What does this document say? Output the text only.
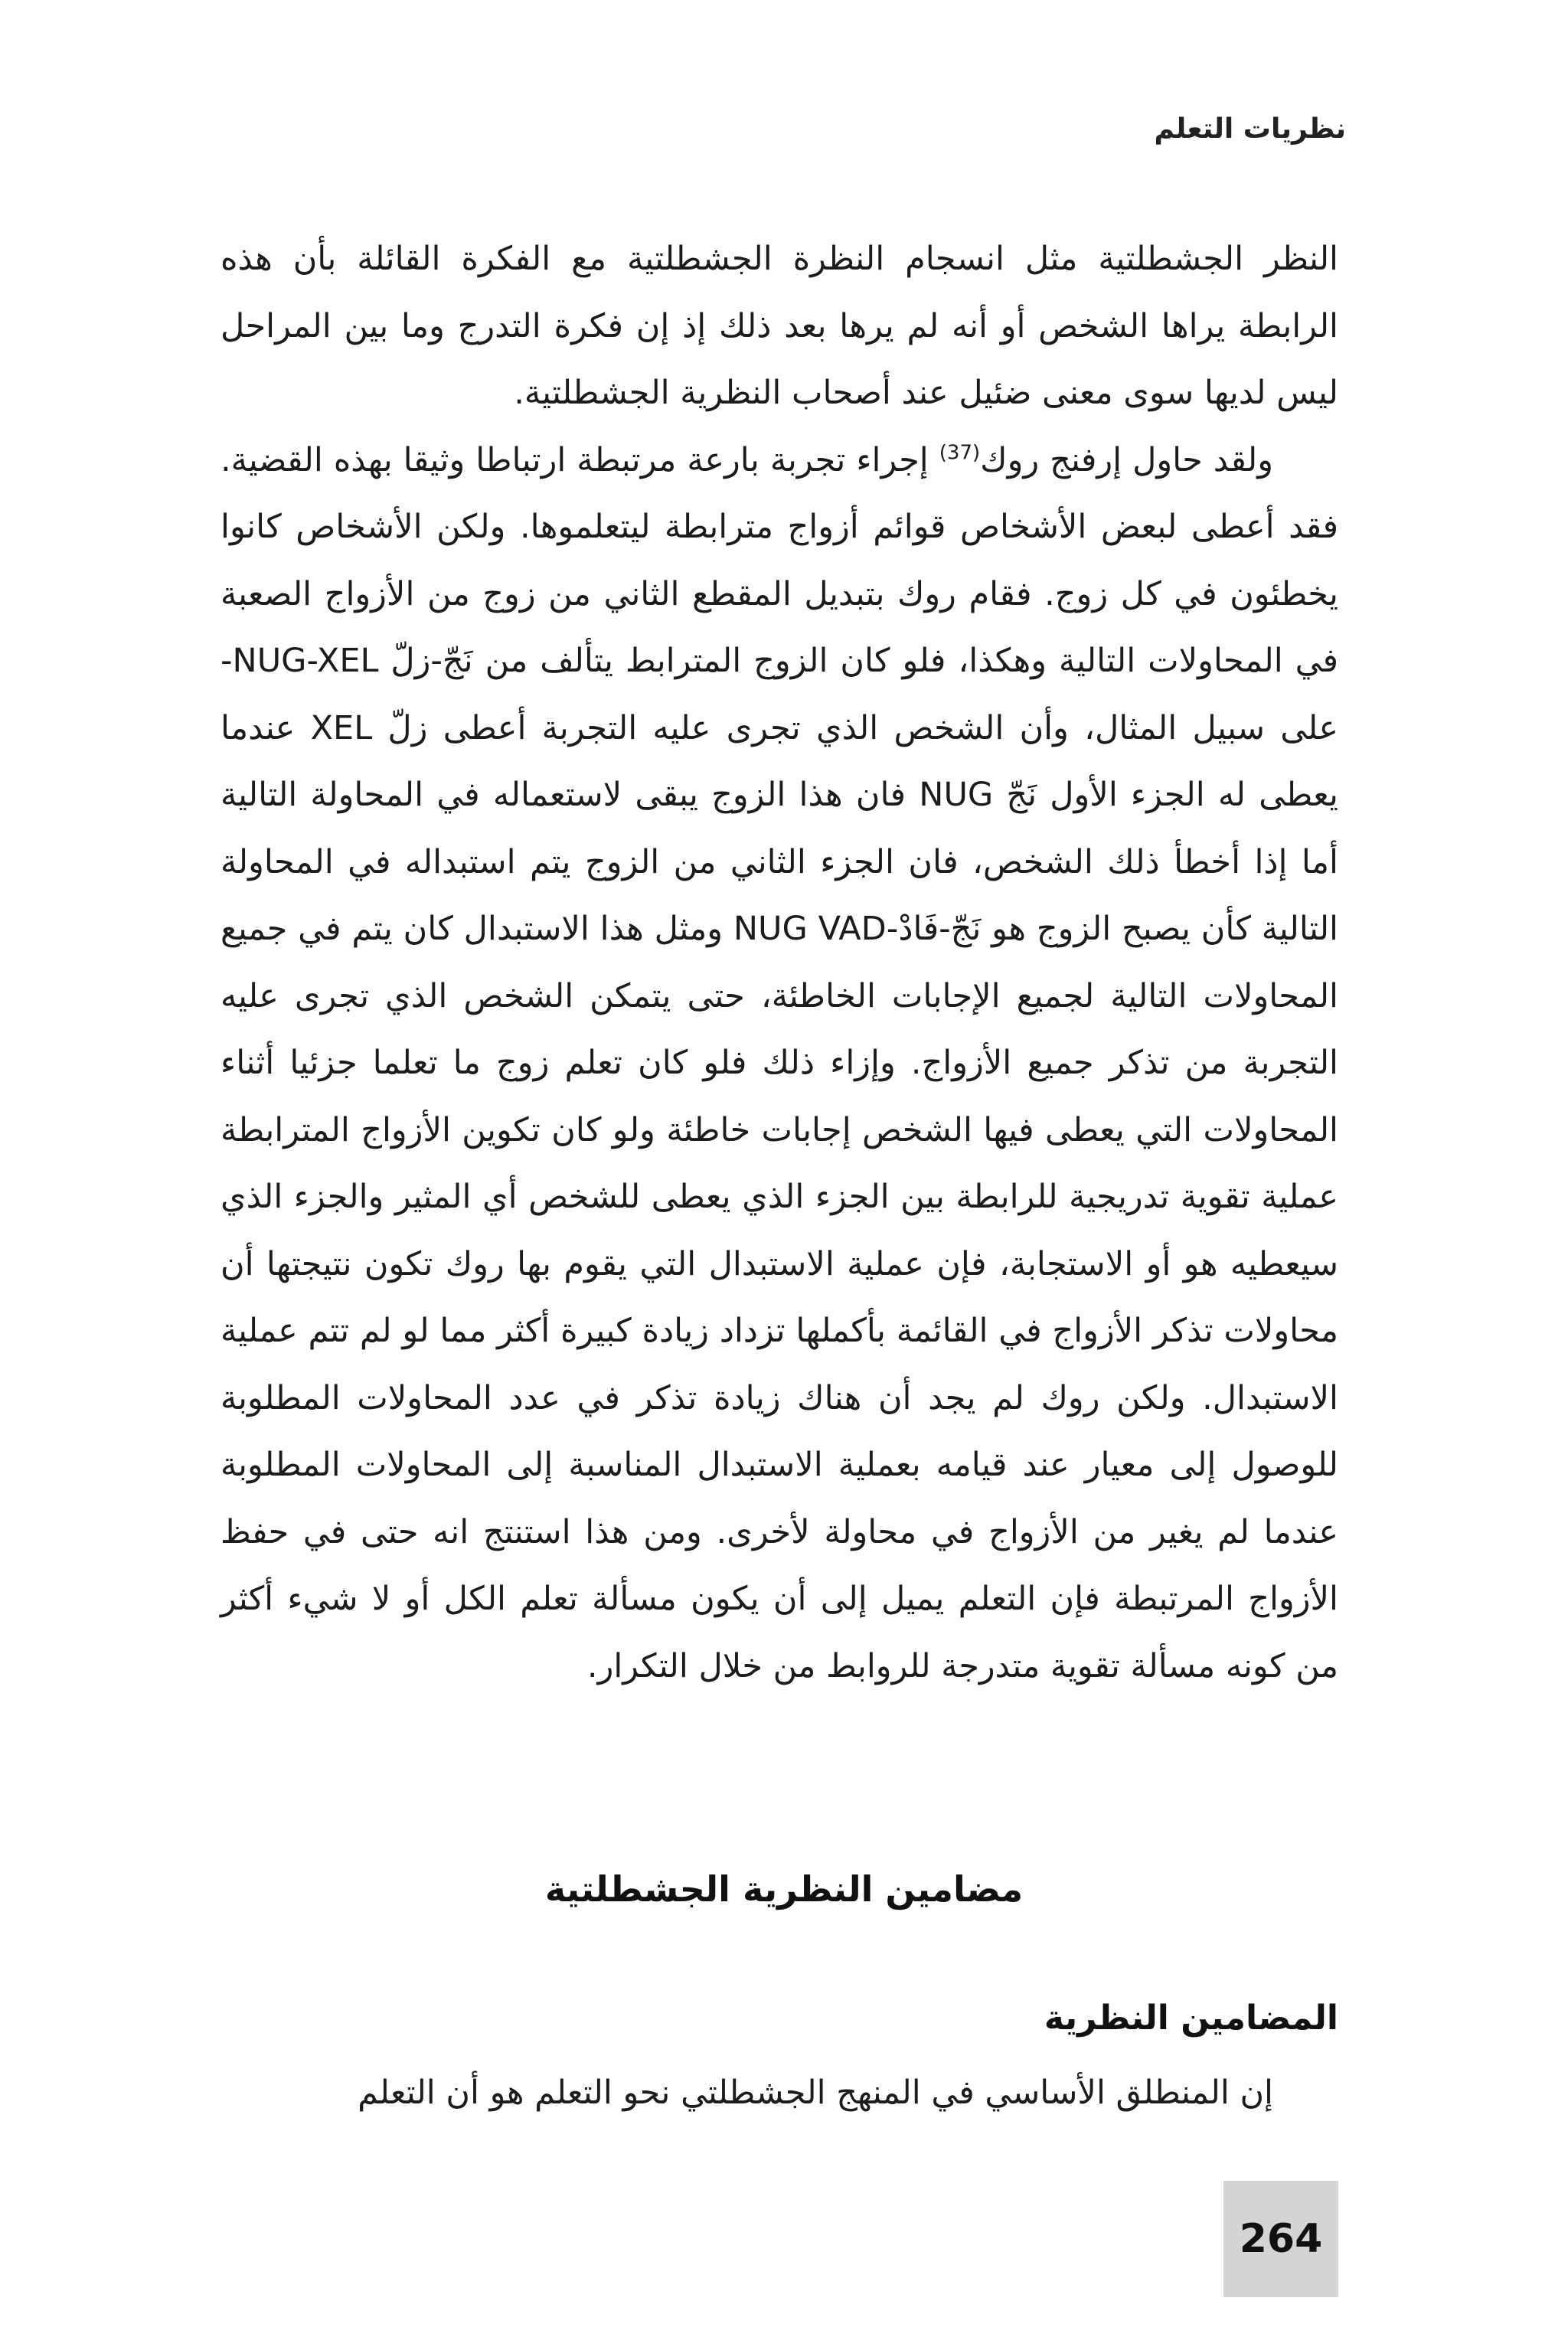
نظريات التعلم

النظر الجشطلتية مثل انسجام النظرة الجشطلتية مع الفكرة القائلة بأن هذه الرابطة يراها الشخص أو أنه لم يرها بعد ذلك إذ إن فكرة التدرج وما بين المراحل ليس لديها سوى معنى ضئيل عند أصحاب النظرية الجشطلتية.

ولقد حاول إرفنج روك$^{(37)}$ إجراء تجربة بارعة مرتبطة ارتباطا وثيقا بهذه القضية. فقد أعطى لبعض الأشخاص قوائم أزواج مترابطة ليتعلموها. ولكن الأشخاص كانوا يخطئون في كل زوج. فقام روك بتبديل المقطع الثاني من زوج من الأزواج الصعبة في المحاولات التالية وهكذا، فلو كان الزوج المترابط يتألف من نَجّ-زلّ NUG-XEL-على سبيل المثال، وأن الشخص الذي تجرى عليه التجربة أعطى زلّ XEL عندما يعطى له الجزء الأول نَجّ NUG فان هذا الزوج يبقى لاستعماله في المحاولة التالية أما إذا أخطأ ذلك الشخص، فان الجزء الثاني من الزوج يتم استبداله في المحاولة التالية كأن يصبح الزوج هو نَجّ-فَادْ-NUG VAD ومثل هذا الاستبدال كان يتم في جميع المحاولات التالية لجميع الإجابات الخاطئة، حتى يتمكن الشخص الذي تجرى عليه التجربة من تذكر جميع الأزواج. وإزاء ذلك فلو كان تعلم زوج ما تعلما جزئيا أثناء المحاولات التي يعطى فيها الشخص إجابات خاطئة ولو كان تكوين الأزواج المترابطة عملية تقوية تدريجية للرابطة بين الجزء الذي يعطى للشخص أي المثير والجزء الذي سيعطيه هو أو الاستجابة، فإن عملية الاستبدال التي يقوم بها روك تكون نتيجتها أن محاولات تذكر الأزواج في القائمة بأكملها تزداد زيادة كبيرة أكثر مما لو لم تتم عملية الاستبدال. ولكن روك لم يجد أن هناك زيادة تذكر في عدد المحاولات المطلوبة للوصول إلى معيار عند قيامه بعملية الاستبدال المناسبة إلى المحاولات المطلوبة عندما لم يغير من الأزواج في محاولة لأخرى. ومن هذا استنتج انه حتى في حفظ الأزواج المرتبطة فإن التعلم يميل إلى أن يكون مسألة تعلم الكل أو لا شيء أكثر من كونه مسألة تقوية متدرجة للروابط من خلال التكرار.

مضامين النظرية الجشطلتية
المضامين النظرية
إن المنطلق الأساسي في المنهج الجشطلتي نحو التعلم هو أن التعلم
264
